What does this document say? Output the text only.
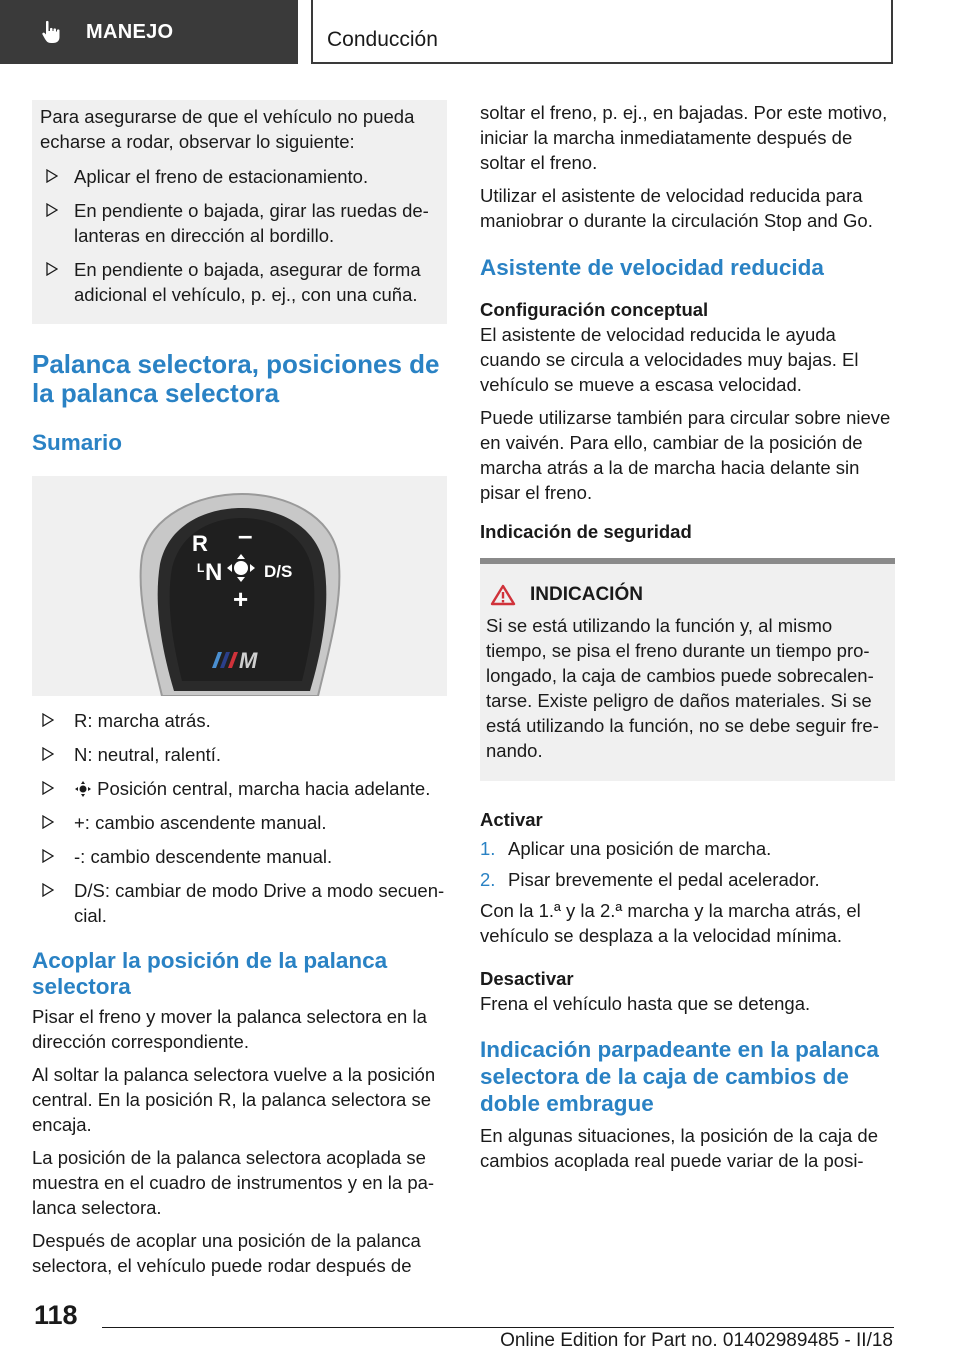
MANEJO	Conducción

Para asegurarse de que el vehículo no pueda echarse a rodar, observar lo siguiente:

Aplicar el freno de estacionamiento.
En pendiente o bajada, girar las ruedas delanteras en dirección al bordillo.
En pendiente o bajada, asegurar de forma adicional el vehículo, p. ej., con una cuña.
Palanca selectora, posiciones de la palanca selectora
Sumario
R –
L N D/S
+
M
R: marcha atrás.
N: neutral, ralentí.
Posición central, marcha hacia adelante.
+: cambio ascendente manual.
-: cambio descendente manual.
D/S: cambiar de modo Drive a modo secuencial.
Acoplar la posición de la palanca selectora

Pisar el freno y mover la palanca selectora en la dirección correspondiente.

Al soltar la palanca selectora vuelve a la posición central. En la posición R, la palanca selectora se encaja.

La posición de la palanca selectora acoplada se muestra en el cuadro de instrumentos y en la palanca selectora.

Después de acoplar una posición de la palanca selectora, el vehículo puede rodar después de

soltar el freno, p. ej., en bajadas. Por este motivo, iniciar la marcha inmediatamente después de soltar el freno.

Utilizar el asistente de velocidad reducida para maniobrar o durante la circulación Stop and Go.

Asistente de velocidad reducida
Configuración conceptual

El asistente de velocidad reducida le ayuda cuando se circula a velocidades muy bajas. El vehículo se mueve a escasa velocidad.

Puede utilizarse también para circular sobre nieve en vaivén. Para ello, cambiar de la posición de marcha atrás a la de marcha hacia delante sin pisar el freno.

Indicación de seguridad
INDICACIÓN
Si se está utilizando la función y, al mismo tiempo, se pisa el freno durante un tiempo prolongado, la caja de cambios puede sobrecalentarse. Existe peligro de daños materiales. Si se está utilizando la función, no se debe seguir frenando.
Activar
1. Aplicar una posición de marcha.
2. Pisar brevemente el pedal acelerador.

Con la 1.ª y la 2.ª marcha y la marcha atrás, el vehículo se desplaza a la velocidad mínima.

Desactivar

Frena el vehículo hasta que se detenga.

Indicación parpadeante en la palanca selectora de la caja de cambios de doble embrague

En algunas situaciones, la posición de la caja de cambios acoplada real puede variar de la posi-

118
Online Edition for Part no. 01402989485 - II/18
